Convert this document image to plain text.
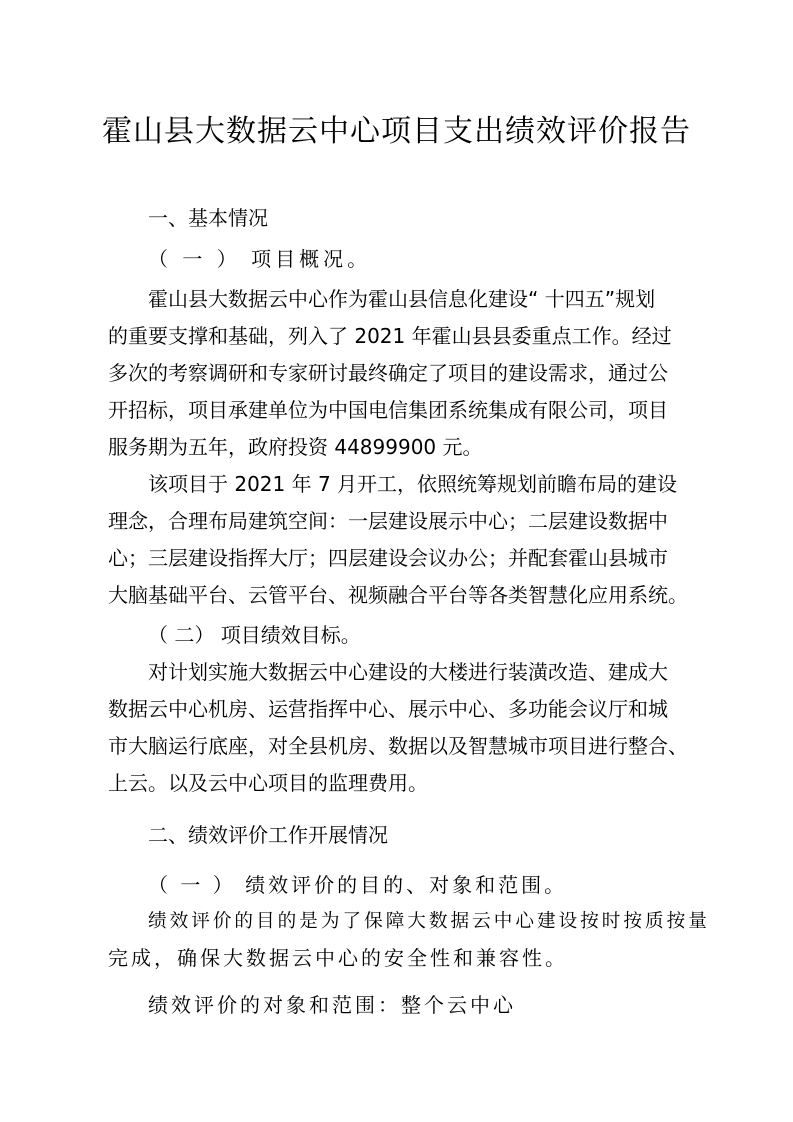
霍山县大数据云中心项目支出绩效评价报告
一、基本情况
（ 一 ） 项目概况。
霍山县大数据云中心作为霍山县信息化建设“ 十四五”规划
的重要支撑和基础，列入了 2021 年霍山县县委重点工作。经过
多次的考察调研和专家研讨最终确定了项目的建设需求，通过公
开招标，项目承建单位为中国电信集团系统集成有限公司，项目
服务期为五年，政府投资 44899900 元。
该项目于 2021 年 7 月开工，依照统筹规划前瞻布局的建设
理念，合理布局建筑空间：一层建设展示中心；二层建设数据中
心；三层建设指挥大厅；四层建设会议办公；并配套霍山县城市
大脑基础平台、云管平台、视频融合平台等各类智慧化应用系统。
（ 二） 项目绩效目标。
对计划实施大数据云中心建设的大楼进行装潢改造、建成大
数据云中心机房、运营指挥中心、展示中心、多功能会议厅和城
市大脑运行底座，对全县机房、数据以及智慧城市项目进行整合、
上云。以及云中心项目的监理费用。
二、绩效评价工作开展情况
（ 一 ） 绩效评价的目的、对象和范围。
绩效评价的目的是为了保障大数据云中心建设按时按质按量
完成，确保大数据云中心的安全性和兼容性。
绩效评价的对象和范围：整个云中心
